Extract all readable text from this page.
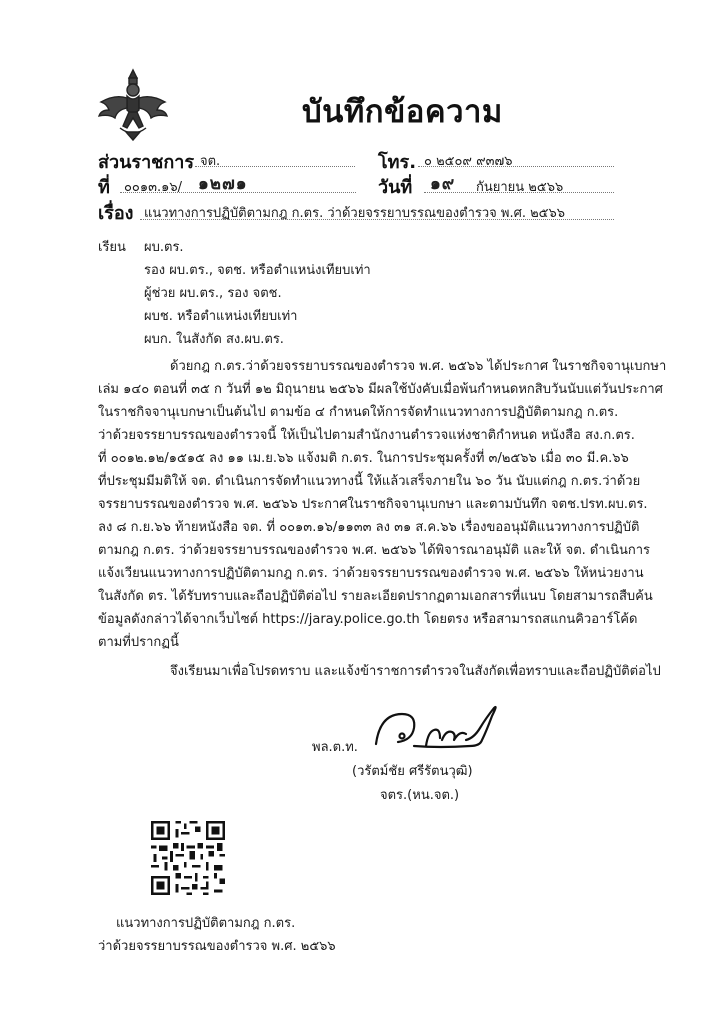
บันทึกข้อความ
ส่วนราชการ จต.	โทร. ๐ ๒๕๐๙ ๙๓๗๖
ที่ ๐๐๑๓.๑๖/ ๑๒๗๑	วันที่ ๑๙ กันยายน ๒๕๖๖
เรื่อง แนวทางการปฏิบัติตามกฎ ก.ตร. ว่าด้วยจรรยาบรรณของตำรวจ พ.ศ. ๒๕๖๖
เรียน ผบ.ตร.
รอง ผบ.ตร., จตช. หรือตำแหน่งเทียบเท่า
ผู้ช่วย ผบ.ตร., รอง จตช.
ผบช. หรือตำแหน่งเทียบเท่า
ผบก. ในสังกัด สง.ผบ.ตร.
ด้วยกฎ ก.ตร.ว่าด้วยจรรยาบรรณของตำรวจ พ.ศ. ๒๕๖๖ ได้ประกาศ ในราชกิจจานุเบกษา
เล่ม ๑๔๐ ตอนที่ ๓๕ ก วันที่ ๑๒ มิถุนายน ๒๕๖๖ มีผลใช้บังคับเมื่อพ้นกำหนดหกสิบวันนับแต่วันประกาศ
ในราชกิจจานุเบกษาเป็นต้นไป ตามข้อ ๔ กำหนดให้การจัดทำแนวทางการปฏิบัติตามกฎ ก.ตร.
ว่าด้วยจรรยาบรรณของตำรวจนี้ ให้เป็นไปตามสำนักงานตำรวจแห่งชาติกำหนด หนังสือ สง.ก.ตร.
ที่ ๐๐๑๒.๑๒/๑๕๑๕ ลง ๑๑ เม.ย.๖๖ แจ้งมติ ก.ตร. ในการประชุมครั้งที่ ๓/๒๕๖๖ เมื่อ ๓๐ มี.ค.๖๖
ที่ประชุมมีมติให้ จต. ดำเนินการจัดทำแนวทางนี้ ให้แล้วเสร็จภายใน ๖๐ วัน นับแต่กฎ ก.ตร.ว่าด้วย
จรรยาบรรณของตำรวจ พ.ศ. ๒๕๖๖ ประกาศในราชกิจจานุเบกษา และตามบันทึก จตช.ปรท.ผบ.ตร.
ลง ๘ ก.ย.๖๖ ท้ายหนังสือ จต. ที่ ๐๐๑๓.๑๖/๑๑๓๓ ลง ๓๑ ส.ค.๖๖ เรื่องขออนุมัติแนวทางการปฏิบัติ
ตามกฎ ก.ตร. ว่าด้วยจรรยาบรรณของตำรวจ พ.ศ. ๒๕๖๖ ได้พิจารณาอนุมัติ และให้ จต. ดำเนินการ
แจ้งเวียนแนวทางการปฏิบัติตามกฎ ก.ตร. ว่าด้วยจรรยาบรรณของตำรวจ พ.ศ. ๒๕๖๖ ให้หน่วยงาน
ในสังกัด ตร. ได้รับทราบและถือปฏิบัติต่อไป รายละเอียดปรากฏตามเอกสารที่แนบ โดยสามารถสืบค้น
ข้อมูลดังกล่าวได้จากเว็บไซต์ https://jaray.police.go.th โดยตรง หรือสามารถสแกนคิวอาร์โค้ด
ตามที่ปรากฏนี้
จึงเรียนมาเพื่อโปรดทราบ และแจ้งข้าราชการตำรวจในสังกัดเพื่อทราบและถือปฏิบัติต่อไป
พล.ต.ท.
(วรัตม์ชัย ศรีรัตนวุฒิ)
จตร.(หน.จต.)
แนวทางการปฏิบัติตามกฎ ก.ตร.
ว่าด้วยจรรยาบรรณของตำรวจ พ.ศ. ๒๕๖๖
